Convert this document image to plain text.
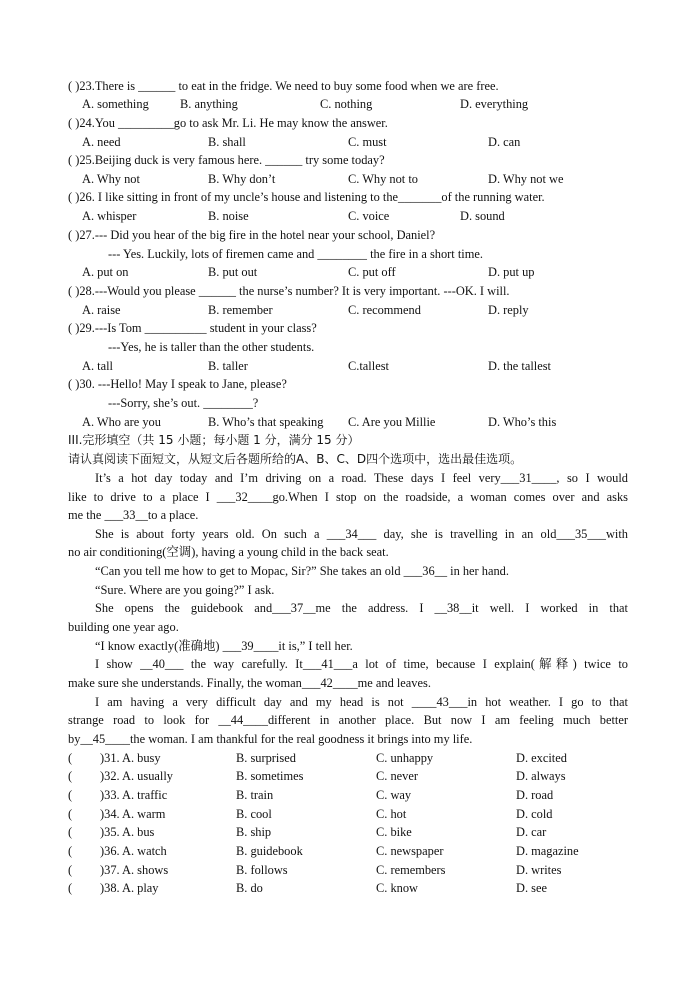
( )23.There is ______ to eat in the fridge. We need to buy some food when we are free.
A. something	B. anything	C. nothing	D. everything
( )24.You _________go to ask Mr. Li. He may know the answer.
A. need	B. shall	C. must	D. can
( )25.Beijing duck is very famous here. ______ try some today?
A. Why not	B. Why don’t	C. Why not to	D. Why not we
( )26. I like sitting in front of my uncle’s house and listening to the_______of the running water.
A. whisper	B. noise	C. voice	D. sound
( )27.--- Did you hear of the big fire in the hotel near your school, Daniel?
--- Yes. Luckily, lots of firemen came and ________ the fire in a short time.
A. put on	B. put out	C. put off	D. put up
( )28.---Would you please ______ the nurse’s number? It is very important. ---OK. I will.
A. raise	B. remember	C. recommend	D. reply
( )29.---Is Tom __________ student in your class?
---Yes, he is taller than the other students.
A. tall	B. taller	C.tallest	D. the tallest
( )30. ---Hello! May I speak to Jane, please?
---Sorry, she’s out. ________?
A. Who are you	B. Who’s that speaking C. Are you Millie	D. Who’s this
III.完形填空（共 15 小题；每小题 1 分，满分 15 分）
请认真阅读下面短文，从短文后各题所给的A、B、C、D四个选项中，选出最佳选项。
It’s a hot day today and I’m driving on a road. These days I feel very___31____, so I would
like to drive to a place I ___32____go.When I stop on the roadside, a woman comes over and asks
me the ___33__to a place.
She is about forty years old. On such a ___34___ day, she is travelling in an old___35___with
no air conditioning(空调), having a young child in the back seat.
“Can you tell me how to get to Mopac, Sir?” She takes an old ___36__ in her hand.
“Sure. Where are you going?” I ask.
She opens the guidebook and___37__me the address. I __38__it well. I worked in that
building one year ago.
“I know exactly(准确地) ___39____it is,” I tell her.
I show __40___ the way carefully. It___41___a lot of time, because I explain(解释) twice to
make sure she understands. Finally, the woman___42____me and leaves.
I am having a very difficult day and my head is not ____43___in hot weather. I go to that
strange road to look for __44____different in another place. But now I am feeling much better
by__45____the woman. I am thankful for the real goodness it brings into my life.
( )31. A. busy	B. surprised	C. unhappy	D. excited
( )32. A. usually	B. sometimes	C. never	D. always
( )33. A. traffic	B. train	C. way	D. road
( )34. A. warm	B. cool	C. hot	D. cold
( )35. A. bus	B. ship	C. bike	D. car
( )36. A. watch	B. guidebook	C. newspaper	D. magazine
( )37. A. shows	B. follows	C. remembers	D. writes
( )38. A. play	B. do	C. know	D. see
